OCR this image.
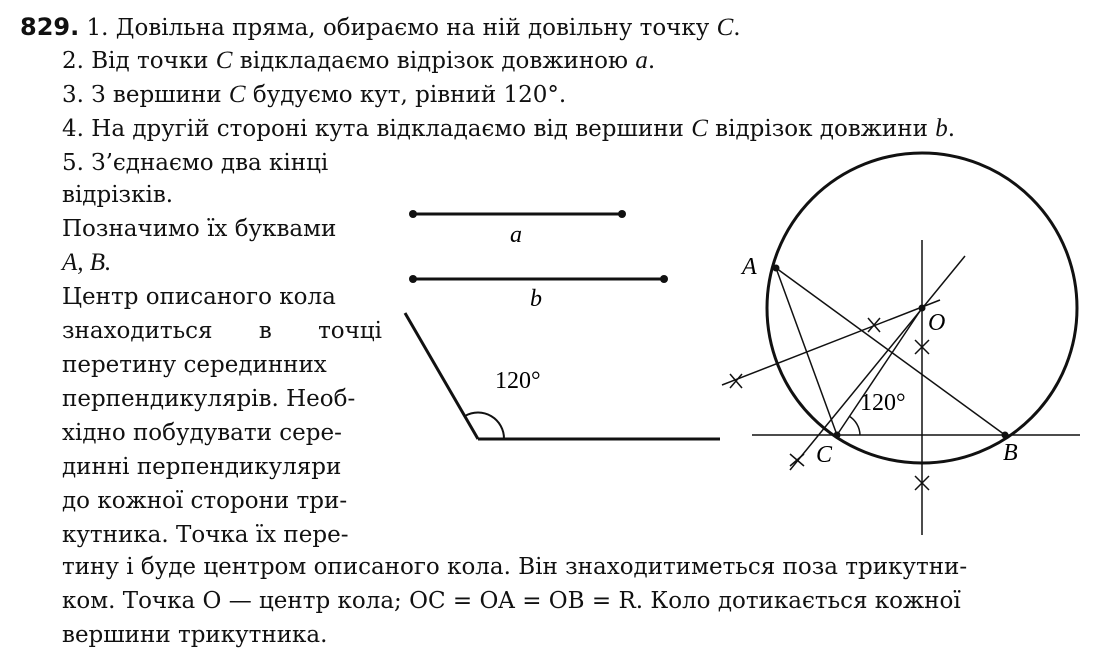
829. 1. Довільна пряма, обираємо на ній довільну точку C.
2. Від точки C відкладаємо відрізок довжиною a.
3. З вершини C будуємо кут, рівний 120°.
4. На другій стороні кута відкладаємо від вершини C відрізок довжини b.
5. З’єднаємо два кінці
відрізків.
Позначимо їх буквами
A, B.
Центр описаного кола
знаходиться в точці
перетину серединних
перпендикулярів. Необ-
хідно побудувати сере-
динні перпендикуляри
до кожної сторони три-
кутника. Точка їх пере-
тину і буде центром описаного кола. Він знаходитиметься поза трикутни-
ком. Точка O — центр кола; OC = OA = OB = R. Коло дотикається кожної
вершини трикутника.
a
b
120°
A
B
C
O
120°
